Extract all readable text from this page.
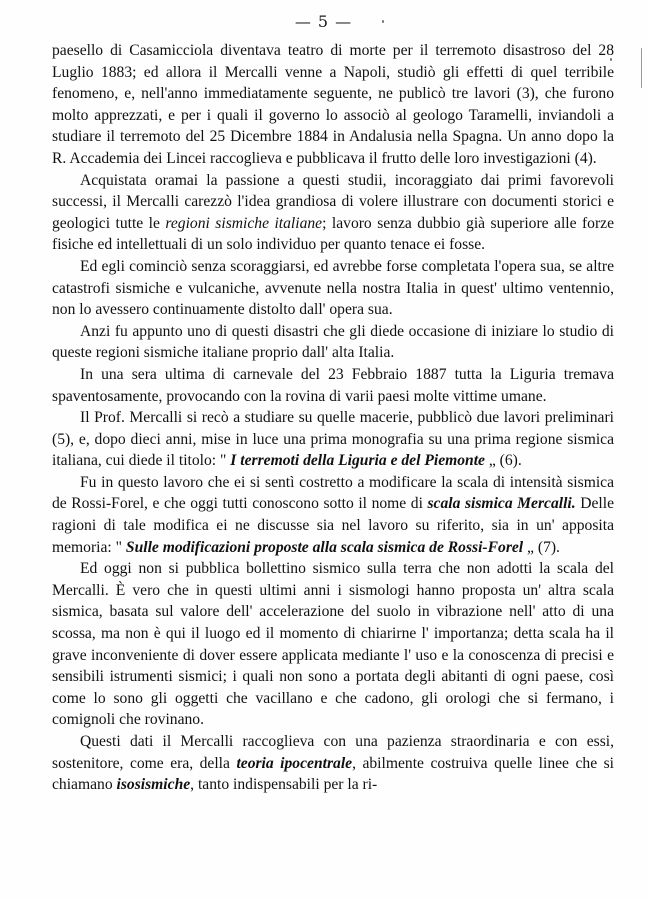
— 5 —

paesello di Casamicciola diventava teatro di morte per il terremoto disastroso del 28 Luglio 1883; ed allora il Mercalli venne a Napoli, studiò gli effetti di quel terribile fenomeno, e, nell'anno immediatamente seguente, ne publicò tre lavori (3), che furono molto apprezzati, e per i quali il governo lo associò al geologo Taramelli, inviandoli a studiare il terremoto del 25 Dicembre 1884 in Andalusia nella Spagna. Un anno dopo la R. Accademia dei Lincei raccoglieva e pubblicava il frutto delle loro investigazioni (4).

Acquistata oramai la passione a questi studii, incoraggiato dai primi favorevoli successi, il Mercalli carezzò l'idea grandiosa di volere illustrare con documenti storici e geologici tutte le regioni sismiche italiane; lavoro senza dubbio già superiore alle forze fisiche ed intellettuali di un solo individuo per quanto tenace ei fosse.

Ed egli cominciò senza scoraggiarsi, ed avrebbe forse completata l'opera sua, se altre catastrofi sismiche e vulcaniche, avvenute nella nostra Italia in quest' ultimo ventennio, non lo avessero continuamente distolto dall' opera sua.

Anzi fu appunto uno di questi disastri che gli diede occasione di iniziare lo studio di queste regioni sismiche italiane proprio dall' alta Italia.

In una sera ultima di carnevale del 23 Febbraio 1887 tutta la Liguria tremava spaventosamente, provocando con la rovina di varii paesi molte vittime umane.

Il Prof. Mercalli si recò a studiare su quelle macerie, pubblicò due lavori preliminari (5), e, dopo dieci anni, mise in luce una prima monografia su una prima regione sismica italiana, cui diede il titolo: " I terremoti della Liguria e del Piemonte „ (6).

Fu in questo lavoro che ei si sentì costretto a modificare la scala di intensità sismica de Rossi-Forel, e che oggi tutti conoscono sotto il nome di scala sismica Mercalli. Delle ragioni di tale modifica ei ne discusse sia nel lavoro su riferito, sia in un' apposita memoria: " Sulle modificazioni proposte alla scala sismica de Rossi-Forel „ (7).

Ed oggi non si pubblica bollettino sismico sulla terra che non adotti la scala del Mercalli. È vero che in questi ultimi anni i sismologi hanno proposta un' altra scala sismica, basata sul valore dell' accelerazione del suolo in vibrazione nell' atto di una scossa, ma non è qui il luogo ed il momento di chiarirne l' importanza; detta scala ha il grave inconveniente di dover essere applicata mediante l' uso e la conoscenza di precisi e sensibili istrumenti sismici; i quali non sono a portata degli abitanti di ogni paese, così come lo sono gli oggetti che vacillano e che cadono, gli orologi che si fermano, i comignoli che rovinano.

Questi dati il Mercalli raccoglieva con una pazienza straordinaria e con essi, sostenitore, come era, della teoria ipocentrale, abilmente costruiva quelle linee che si chiamano isosismiche, tanto indispensabili per la ri-
